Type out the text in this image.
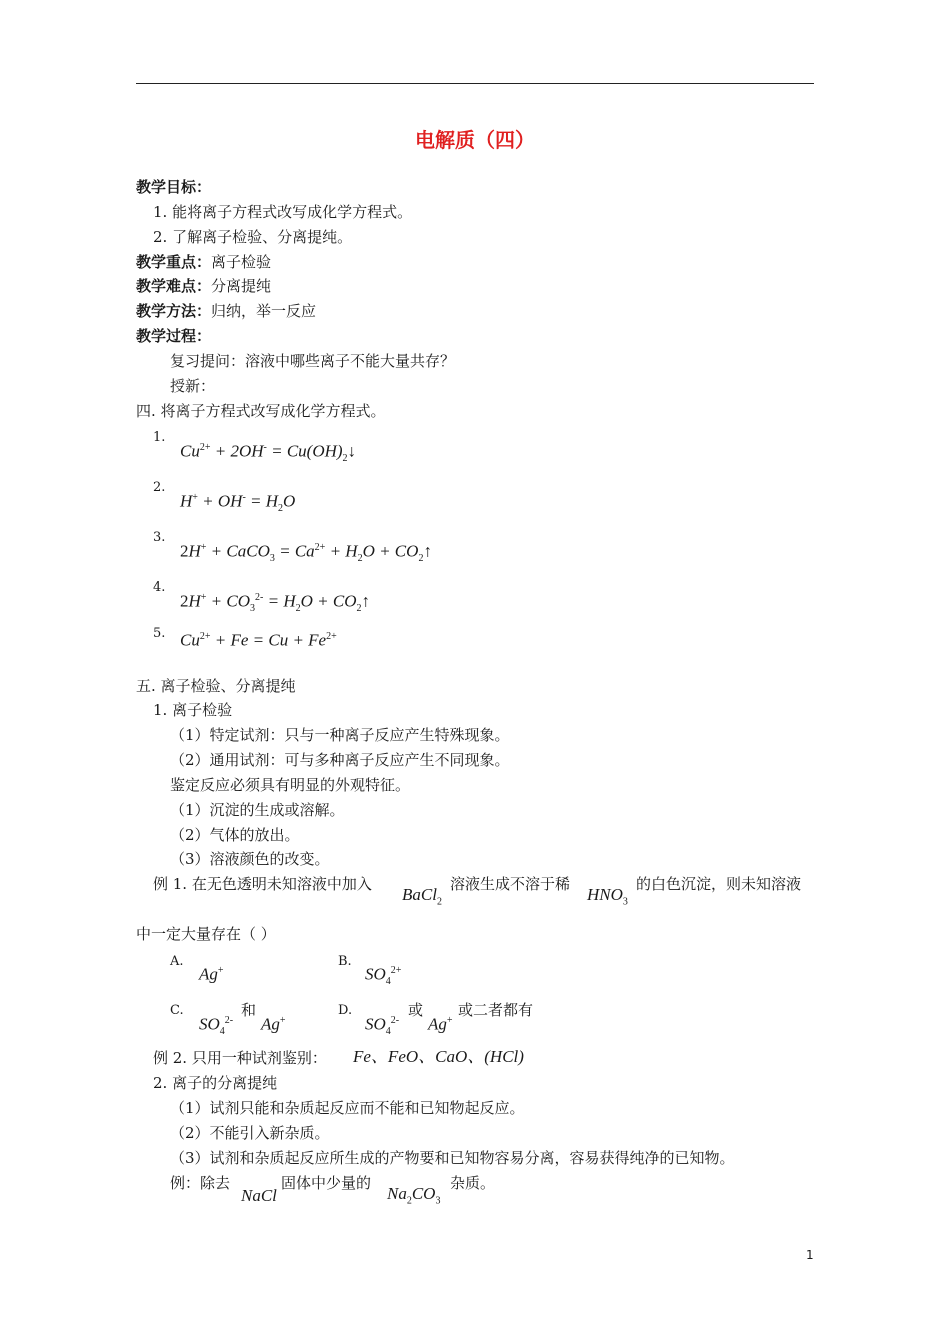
电解质（四）
教学目标：
1. 能将离子方程式改写成化学方程式。
2. 了解离子检验、分离提纯。
教学重点：离子检验
教学难点：分离提纯
教学方法：归纳，举一反应
教学过程：
复习提问：溶液中哪些离子不能大量共存？
授新：
四. 将离子方程式改写成化学方程式。
1.
$Cu^{2+} + 2OH^-$ = $Cu(OH)_2↓$
2.
$H^+ + OH^- = H_2O$
3.
2H+ + CaCO$_3$ = $Ca^{2+} + H_2O$ + $CO_2↑$
4.
$2H^+ + CO_3^{2-} = H_2O$ + $CO_2↑$
5. $Cu^{2+} + Fe = Cu + Fe^{2+}$
五. 离子检验、分离提纯
1. 离子检验
（1）特定试剂：只与一种离子反应产生特殊现象。
（2）通用试剂：可与多种离子反应产生不同现象。
鉴定反应必须具有明显的外观特征。
（1）沉淀的生成或溶解。
（2）气体的放出。
（3）溶液颜色的改变。
例 1. 在无色透明未知溶液中加入
BaCl$_2$
溶液生成不溶于稀
$HNO_3$
的白色沉淀，则未知溶液
中一定大量存在（ ）
A.
Ag+
B.
$SO_4^{2+}$
C.
$SO_4^{2-}$
和
Ag+
D.
$SO_4^{2-}$
或
Ag+
或二者都有
例 2. 只用一种试剂鉴别： Fe、FeO、CaO、(HCl)
2. 离子的分离提纯
（1）试剂只能和杂质起反应而不能和已知物起反应。
（2）不能引入新杂质。
（3）试剂和杂质起反应所生成的产物要和已知物容易分离，容易获得纯净的已知物。
例：除去
NaCl
固体中少量的
$Na_2CO_3$
杂质。
1
